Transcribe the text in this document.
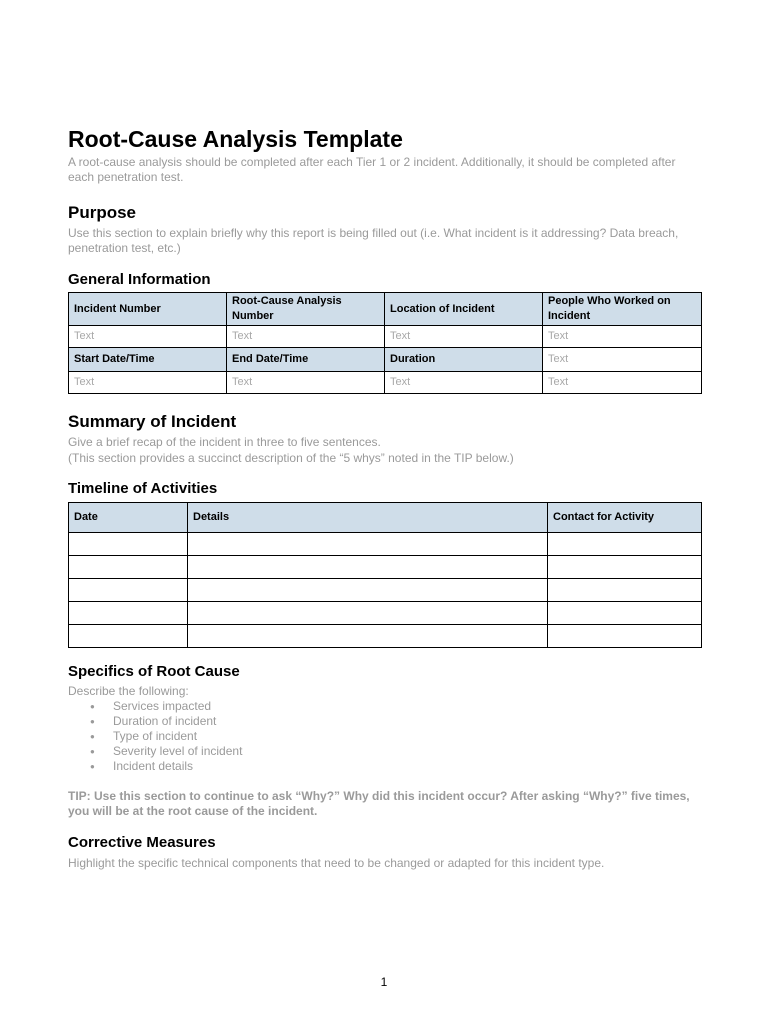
Root-Cause Analysis Template
A root-cause analysis should be completed after each Tier 1 or 2 incident. Additionally, it should be completed after each penetration test.
Purpose
Use this section to explain briefly why this report is being filled out (i.e. What incident is it addressing? Data breach, penetration test, etc.)
General Information
Incident Number	Root-Cause Analysis Number	Location of Incident	People Who Worked on Incident
Text	Text	Text	Text
Start Date/Time	End Date/Time	Duration	Text
Text	Text	Text	Text
Summary of Incident
Give a brief recap of the incident in three to five sentences.
(This section provides a succinct description of the “5 whys” noted in the TIP below.)
Timeline of Activities
Date	Details	Contact for Activity

Specifics of Root Cause
Describe the following:
● Services impacted
● Duration of incident
● Type of incident
● Severity level of incident
● Incident details
TIP: Use this section to continue to ask “Why?” Why did this incident occur? After asking “Why?” five times, you will be at the root cause of the incident.
Corrective Measures
Highlight the specific technical components that need to be changed or adapted for this incident type.
1
